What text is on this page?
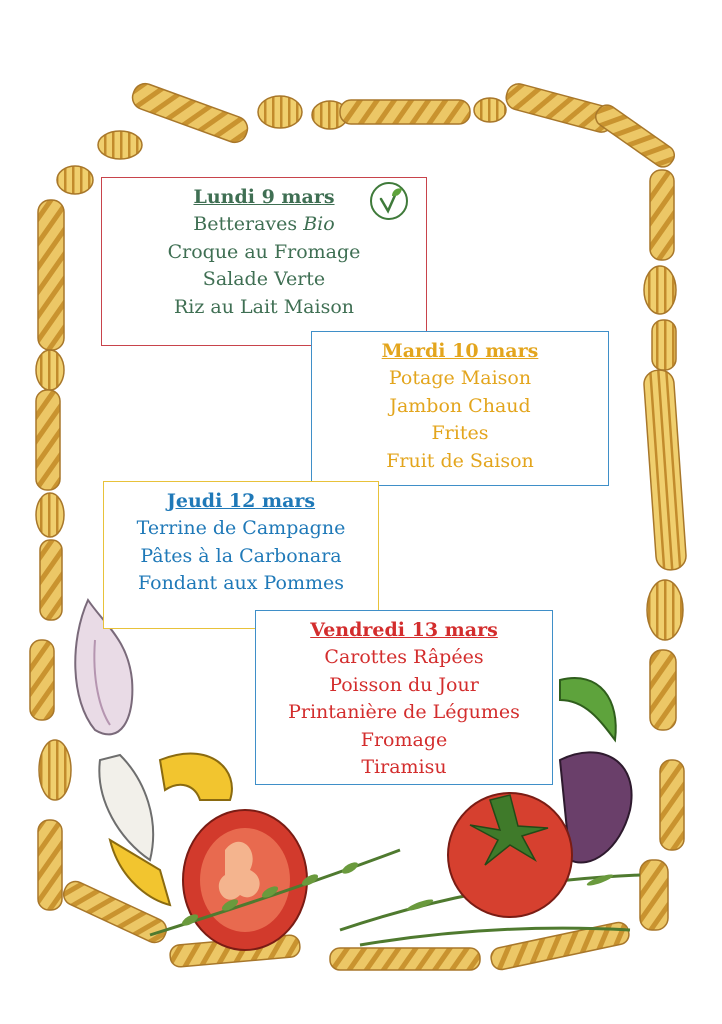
Lundi 9 mars

Betteraves Bio

Croque au Fromage

Salade Verte

Riz au Lait Maison

Mardi 10 mars

Potage Maison

Jambon Chaud

Frites

Fruit de Saison

Jeudi 12 mars

Terrine de Campagne

Pâtes à la Carbonara

Fondant aux Pommes

Vendredi 13 mars

Carottes Râpées

Poisson du Jour

Printanière de Légumes

Fromage

Tiramisu
